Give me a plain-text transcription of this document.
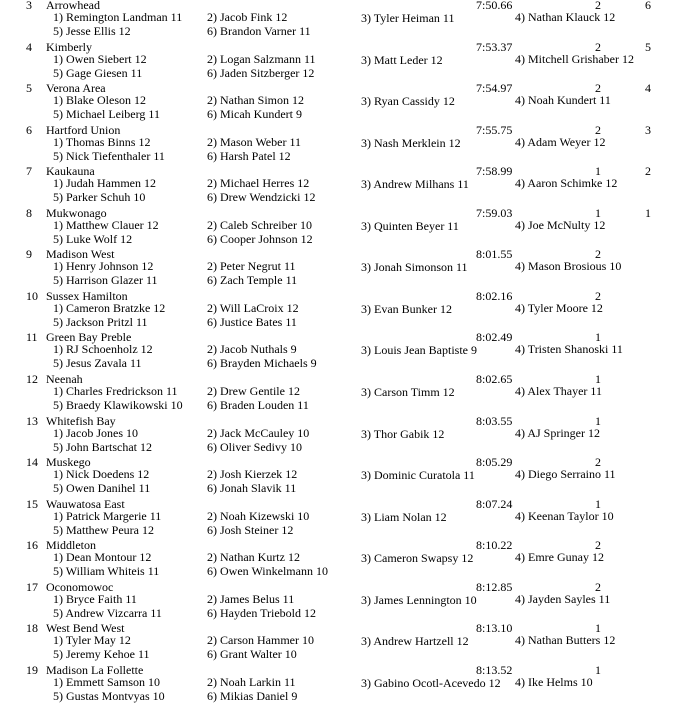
3 Arrowhead	7:50.66	2	6
1) Remington Landman 11 2) Jacob Fink 12	3) Tyler Heiman 11	4) Nathan Klauck 12
5) Jesse Ellis 12	6) Brandon Varner 11
4 Kimberly	7:53.37	2	5
1) Owen Siebert 12	2) Logan Salzmann 11	3) Matt Leder 12	4) Mitchell Grishaber 12
5) Gage Giesen 11	6) Jaden Sitzberger 12
5 Verona Area	7:54.97	2	4
1) Blake Oleson 12	2) Nathan Simon 12	3) Ryan Cassidy 12	4) Noah Kundert 11
5) Michael Leiberg 11	6) Micah Kundert 9
6 Hartford Union	7:55.75	2	3
1) Thomas Binns 12	2) Mason Weber 11	3) Nash Merklein 12	4) Adam Weyer 12
5) Nick Tiefenthaler 11	6) Harsh Patel 12
7 Kaukauna	7:58.99	1	2
1) Judah Hammen 12	2) Michael Herres 12	3) Andrew Milhans 11	4) Aaron Schimke 12
5) Parker Schuh 10	6) Drew Wendzicki 12
8 Mukwonago	7:59.03	1	1
1) Matthew Clauer 12	2) Caleb Schreiber 10	3) Quinten Beyer 11	4) Joe McNulty 12
5) Luke Wolf 12	6) Cooper Johnson 12
9 Madison West	8:01.55	2
1) Henry Johnson 12	2) Peter Negrut 11	3) Jonah Simonson 11	4) Mason Brosious 10
5) Harrison Glazer 11	6) Zach Temple 11
10 Sussex Hamilton	8:02.16	2
1) Cameron Bratzke 12	2) Will LaCroix 12	3) Evan Bunker 12	4) Tyler Moore 12
5) Jackson Pritzl 11	6) Justice Bates 11
11 Green Bay Preble	8:02.49	1
1) RJ Schoenholz 12	2) Jacob Nuthals 9	3) Louis Jean Baptiste 9	4) Tristen Shanoski 11
5) Jesus Zavala 11	6) Brayden Michaels 9
12 Neenah	8:02.65	1
1) Charles Fredrickson 11 2) Drew Gentile 12	3) Carson Timm 12	4) Alex Thayer 11
5) Braedy Klawikowski 10 6) Braden Louden 11
13 Whitefish Bay	8:03.55	1
1) Jacob Jones 10	2) Jack McCauley 10	3) Thor Gabik 12	4) AJ Springer 12
5) John Bartschat 12	6) Oliver Sedivy 10
14 Muskego	8:05.29	2
1) Nick Doedens 12	2) Josh Kierzek 12	3) Dominic Curatola 11	4) Diego Serraino 11
5) Owen Danihel 11	6) Jonah Slavik 11
15 Wauwatosa East	8:07.24	1
1) Patrick Margerie 11	2) Noah Kizewski 10	3) Liam Nolan 12	4) Keenan Taylor 10
5) Matthew Peura 12	6) Josh Steiner 12
16 Middleton	8:10.22	2
1) Dean Montour 12	2) Nathan Kurtz 12	3) Cameron Swapsy 12	4) Emre Gunay 12
5) William Whiteis 11	6) Owen Winkelmann 10
17 Oconomowoc	8:12.85	2
1) Bryce Faith 11	2) James Belus 11	3) James Lennington 10	4) Jayden Sayles 11
5) Andrew Vizcarra 11	6) Hayden Triebold 12
18 West Bend West	8:13.10	1
1) Tyler May 12	2) Carson Hammer 10	3) Andrew Hartzell 12	4) Nathan Butters 12
5) Jeremy Kehoe 11	6) Grant Walter 10
19 Madison La Follette	8:13.52	1
1) Emmett Samson 10	2) Noah Larkin 11	3) Gabino Ocotl-Acevedo 12 4) Ike Helms 10
5) Gustas Montvyas 10	6) Mikias Daniel 9
